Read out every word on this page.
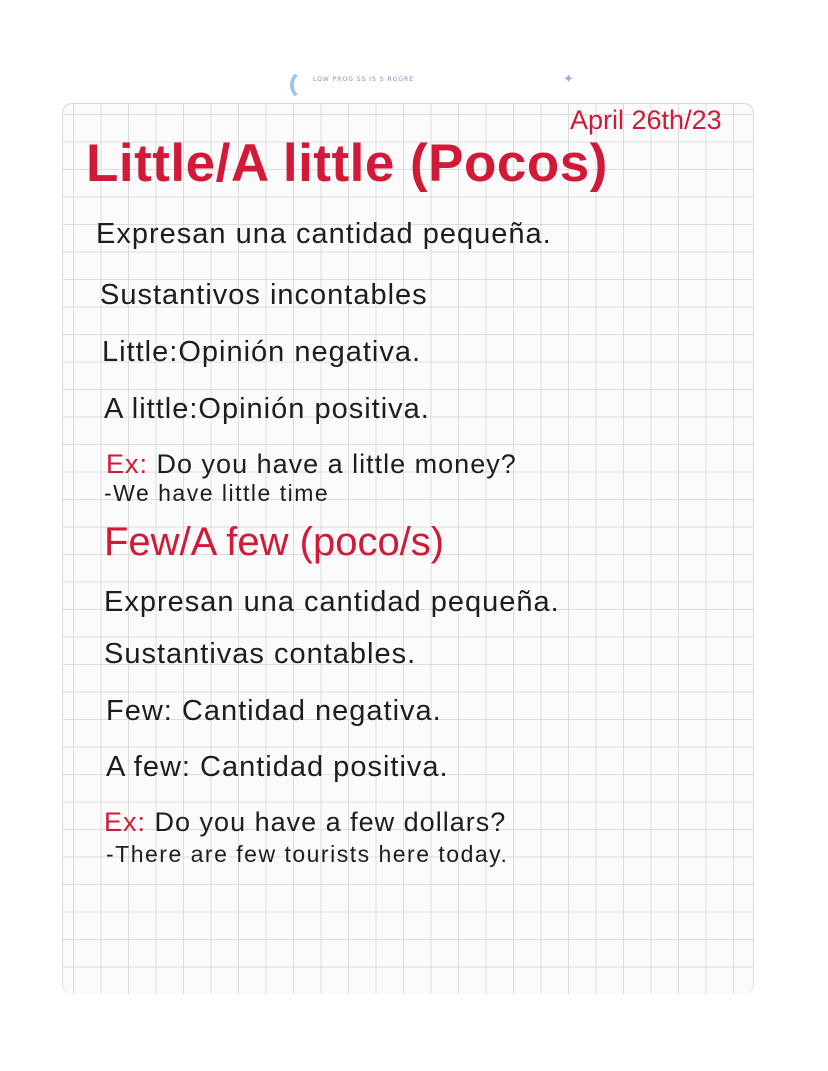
LOW PROG SS IS S ROGRE	✦
April 26th/23
Little/A little (Pocos)
Expresan una cantidad pequeña.
Sustantivos incontables
Little:Opinión negativa.
A little:Opinión positiva.
Ex: Do you have a little money?
-We have little time
Few/A few (poco/s)
Expresan una cantidad pequeña.
Sustantivas contables.
Few: Cantidad negativa.
A few: Cantidad positiva.
Ex: Do you have a few dollars?
-There are few tourists here today.
